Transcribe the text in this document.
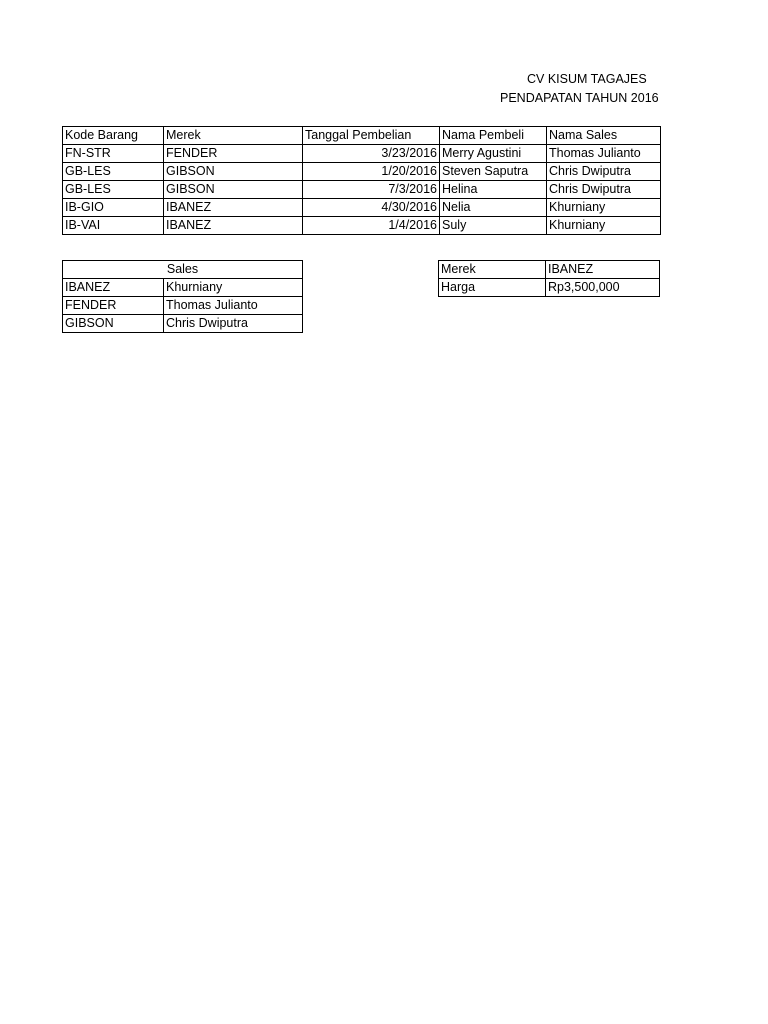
CV KISUM TAGAJES
PENDAPATAN TAHUN 2016
Kode Barang	Merek	Tanggal Pembelian	Nama Pembeli	Nama Sales
FN-STR	FENDER	3/23/2016	Merry Agustini	Thomas Julianto
GB-LES	GIBSON	1/20/2016	Steven Saputra	Chris Dwiputra
GB-LES	GIBSON	7/3/2016	Helina	Chris Dwiputra
IB-GIO	IBANEZ	4/30/2016	Nelia	Khurniany
IB-VAI	IBANEZ	1/4/2016	Suly	Khurniany
Sales	
IBANEZ	Khurniany
FENDER	Thomas Julianto
GIBSON	Chris Dwiputra
Merek	IBANEZ
Harga	Rp3,500,000
